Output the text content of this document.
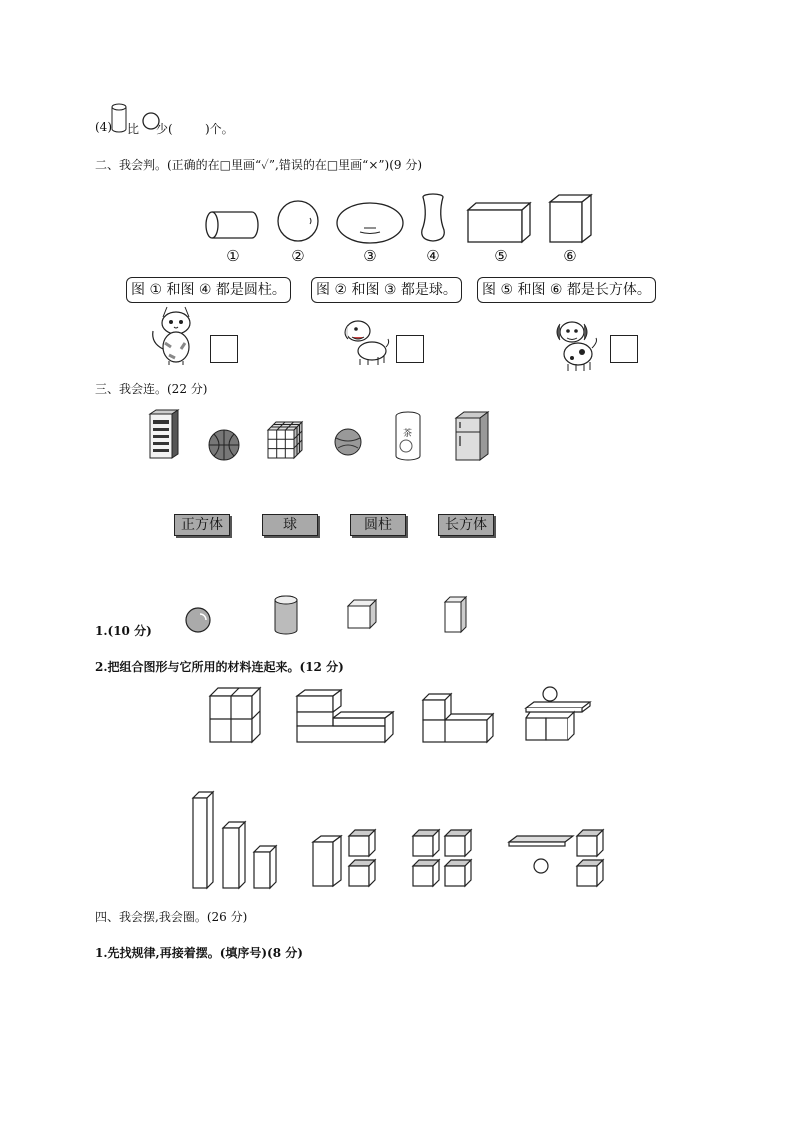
(4) 比 少(	)个。
二、我会判。(正确的在□里画“✓”,错误的在□里画“×”)(9 分)
①	②	③	④	⑤	⑥
图 ① 和图 ④ 都是圆柱。	图 ② 和图 ③ 都是球。	图 ⑤ 和图 ⑥ 都是长方体。
三、我会连。(22 分)
茶
正方体	球	圆柱	长方体
1.(10 分)
2.把组合图形与它所用的材料连起来。(12 分)
四、我会摆,我会圈。(26 分)
1.先找规律,再接着摆。(填序号)(8 分)
